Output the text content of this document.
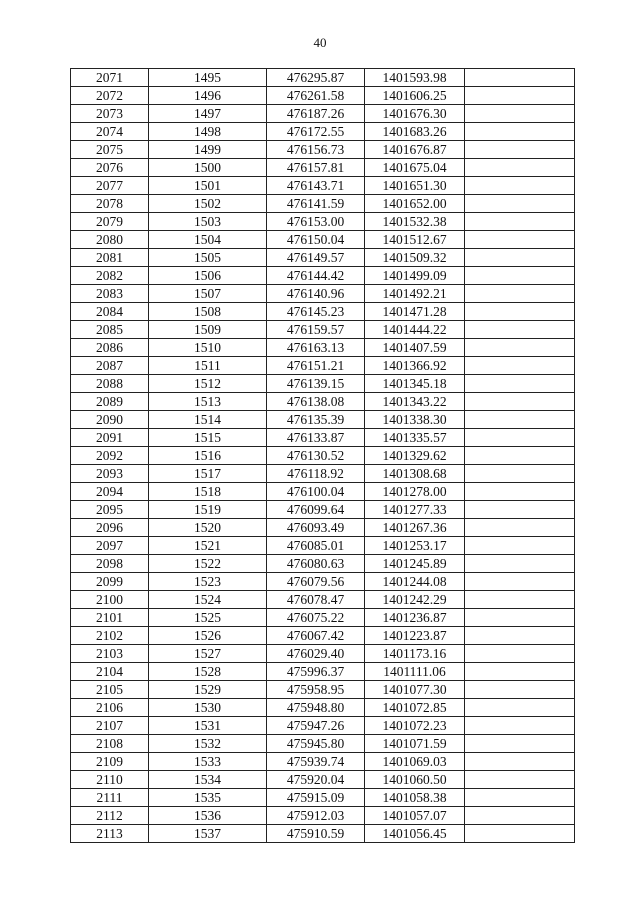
40
2071	1495	476295.87	1401593.98	
2072	1496	476261.58	1401606.25	
2073	1497	476187.26	1401676.30	
2074	1498	476172.55	1401683.26	
2075	1499	476156.73	1401676.87	
2076	1500	476157.81	1401675.04	
2077	1501	476143.71	1401651.30	
2078	1502	476141.59	1401652.00	
2079	1503	476153.00	1401532.38	
2080	1504	476150.04	1401512.67	
2081	1505	476149.57	1401509.32	
2082	1506	476144.42	1401499.09	
2083	1507	476140.96	1401492.21	
2084	1508	476145.23	1401471.28	
2085	1509	476159.57	1401444.22	
2086	1510	476163.13	1401407.59	
2087	1511	476151.21	1401366.92	
2088	1512	476139.15	1401345.18	
2089	1513	476138.08	1401343.22	
2090	1514	476135.39	1401338.30	
2091	1515	476133.87	1401335.57	
2092	1516	476130.52	1401329.62	
2093	1517	476118.92	1401308.68	
2094	1518	476100.04	1401278.00	
2095	1519	476099.64	1401277.33	
2096	1520	476093.49	1401267.36	
2097	1521	476085.01	1401253.17	
2098	1522	476080.63	1401245.89	
2099	1523	476079.56	1401244.08	
2100	1524	476078.47	1401242.29	
2101	1525	476075.22	1401236.87	
2102	1526	476067.42	1401223.87	
2103	1527	476029.40	1401173.16	
2104	1528	475996.37	1401111.06	
2105	1529	475958.95	1401077.30	
2106	1530	475948.80	1401072.85	
2107	1531	475947.26	1401072.23	
2108	1532	475945.80	1401071.59	
2109	1533	475939.74	1401069.03	
2110	1534	475920.04	1401060.50	
2111	1535	475915.09	1401058.38	
2112	1536	475912.03	1401057.07	
2113	1537	475910.59	1401056.45	
